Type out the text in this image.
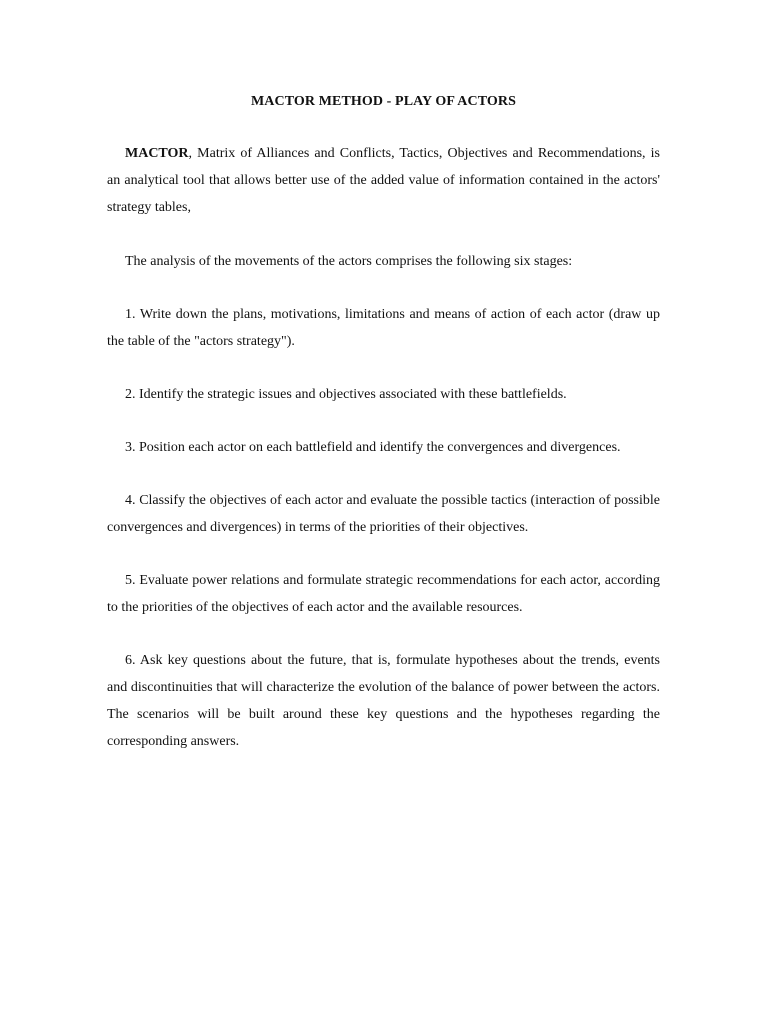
MACTOR METHOD - PLAY OF ACTORS

MACTOR, Matrix of Alliances and Conflicts, Tactics, Objectives and Recommendations, is an analytical tool that allows better use of the added value of information contained in the actors' strategy tables,

The analysis of the movements of the actors comprises the following six stages:

1. Write down the plans, motivations, limitations and means of action of each actor (draw up the table of the "actors strategy").

2. Identify the strategic issues and objectives associated with these battlefields.

3. Position each actor on each battlefield and identify the convergences and divergences.

4. Classify the objectives of each actor and evaluate the possible tactics (interaction of possible convergences and divergences) in terms of the priorities of their objectives.

5. Evaluate power relations and formulate strategic recommendations for each actor, according to the priorities of the objectives of each actor and the available resources.

6. Ask key questions about the future, that is, formulate hypotheses about the trends, events and discontinuities that will characterize the evolution of the balance of power between the actors. The scenarios will be built around these key questions and the hypotheses regarding the corresponding answers.
